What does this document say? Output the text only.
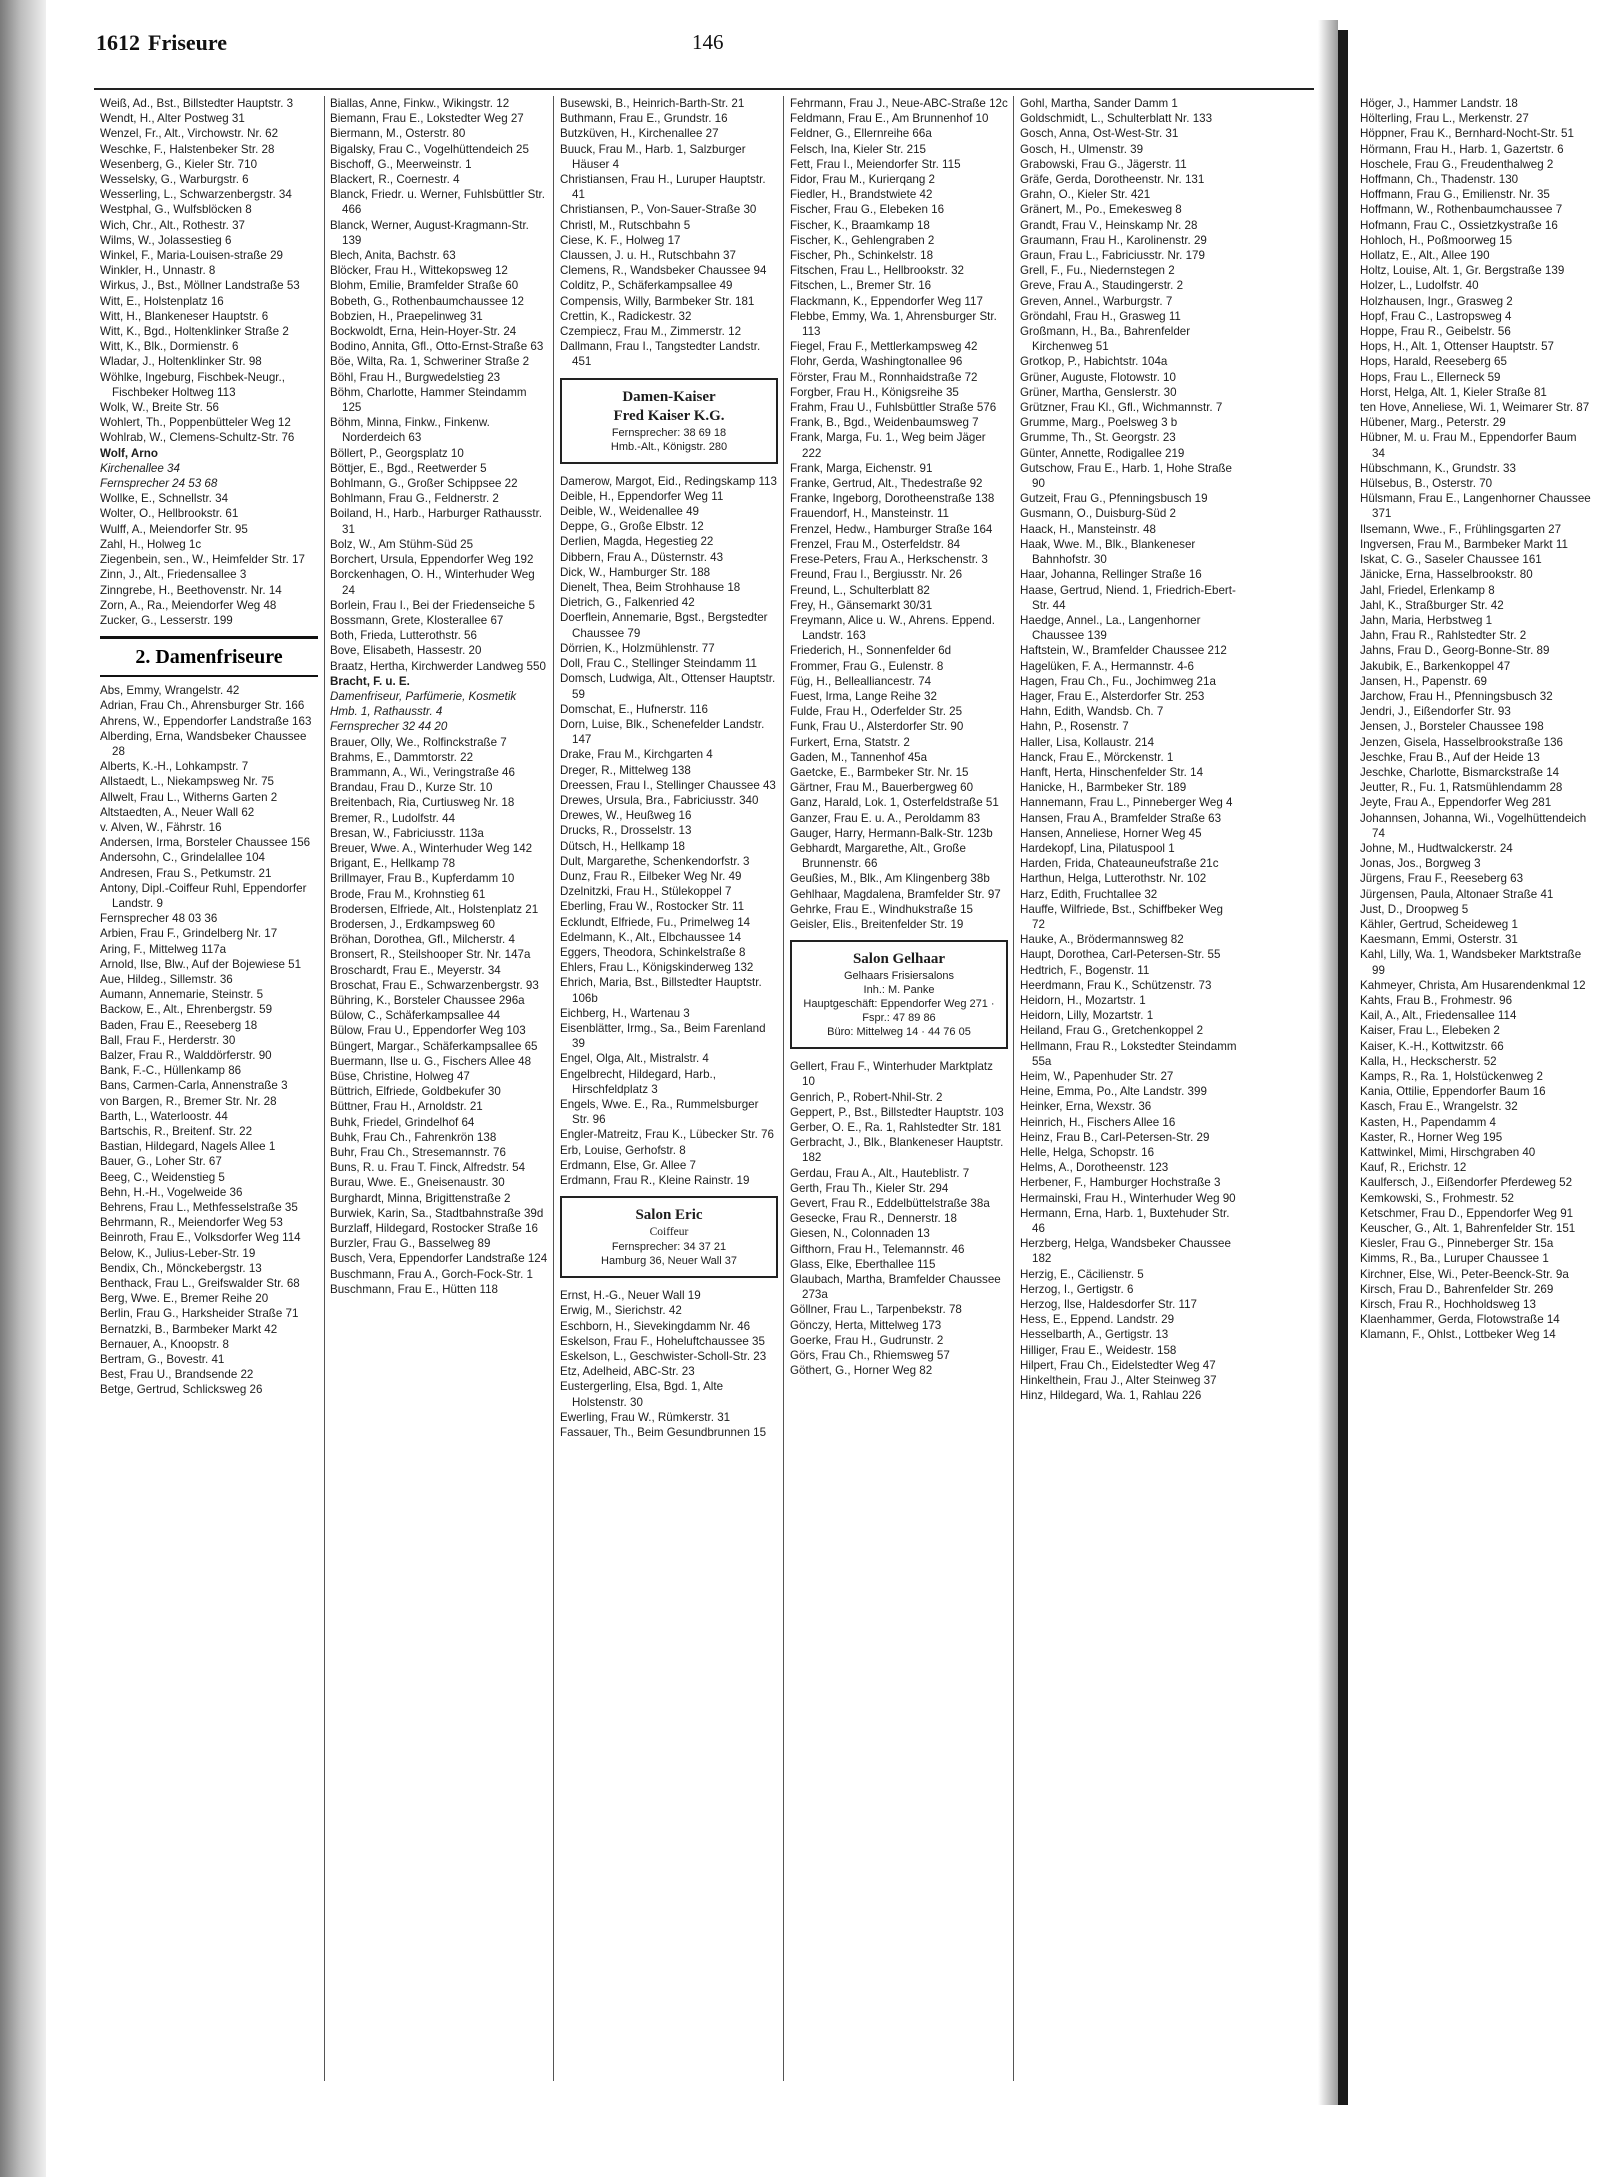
1612 Friseure	146
Weiß, Ad., Bst., Billstedter Hauptstr. 3
Wendt, H., Alter Postweg 31
Wenzel, Fr., Alt., Virchowstr. Nr. 62
Weschke, F., Halstenbeker Str. 28
Wesenberg, G., Kieler Str. 710
Wesselsky, G., Warburgstr. 6
Wesserling, L., Schwarzenbergstr. 34
Westphal, G., Wulfsblöcken 8
Wich, Chr., Alt., Rothestr. 37
Wilms, W., Jolassestieg 6
Winkel, F., Maria-Louisen-straße 29
Winkler, H., Unnastr. 8
Wirkus, J., Bst., Möllner Landstraße 53
Witt, E., Holstenplatz 16
Witt, H., Blankeneser Hauptstr. 6
Witt, K., Bgd., Holtenklinker Straße 2
Witt, K., Blk., Dormienstr. 6
Wladar, J., Holtenklinker Str. 98
Wöhlke, Ingeburg, Fischbek-Neugr., Fischbeker Holtweg 113
Wolk, W., Breite Str. 56
Wohlert, Th., Poppenbütteler Weg 12
Wohlrab, W., Clemens-Schultz-Str. 76
Wolf, Arno
Kirchenallee 34
Fernsprecher 24 53 68
Wollke, E., Schnellstr. 34
Wolter, O., Hellbrookstr. 61
Wulff, A., Meiendorfer Str. 95
Zahl, H., Holweg 1c
Ziegenbein, sen., W., Heimfelder Str. 17
Zinn, J., Alt., Friedensallee 3
Zinngrebe, H., Beethovenstr. Nr. 14
Zorn, A., Ra., Meiendorfer Weg 48
Zucker, G., Lesserstr. 199
2. Damenfriseure
Abs, Emmy, Wrangelstr. 42
Adrian, Frau Ch., Ahrensburger Str. 166
Ahrens, W., Eppendorfer Landstraße 163
Alberding, Erna, Wandsbeker Chaussee 28
Alberts, K.-H., Lohkampstr. 7
Allstaedt, L., Niekampsweg Nr. 75
Allwelt, Frau L., Witherns Garten 2
Altstaedten, A., Neuer Wall 62
v. Alven, W., Fährstr. 16
Andersen, Irma, Borsteler Chaussee 156
Andersohn, C., Grindelallee 104
Andresen, Frau S., Petkumstr. 21
Antony, Dipl.-Coiffeur Ruhl, Eppendorfer Landstr. 9
Fernsprecher 48 03 36
Arbien, Frau F., Grindelberg Nr. 17
Aring, F., Mittelweg 117a
Arnold, Ilse, Blw., Auf der Bojewiese 51
Aue, Hildeg., Sillemstr. 36
Aumann, Annemarie, Steinstr. 5
Backow, E., Alt., Ehrenbergstr. 59
Baden, Frau E., Reeseberg 18
Ball, Frau F., Herderstr. 30
Balzer, Frau R., Walddörferstr. 90
Bank, F.-C., Hüllenkamp 86
Bans, Carmen-Carla, Annenstraße 3
von Bargen, R., Bremer Str. Nr. 28
Barth, L., Waterloostr. 44
Bartschis, R., Breitenf. Str. 22
Bastian, Hildegard, Nagels Allee 1
Bauer, G., Loher Str. 67
Beeg, C., Weidenstieg 5
Behn, H.-H., Vogelweide 36
Behrens, Frau L., Methfesselstraße 35
Behrmann, R., Meiendorfer Weg 53
Beinroth, Frau E., Volksdorfer Weg 114
Below, K., Julius-Leber-Str. 19
Bendix, Ch., Mönckebergstr. 13
Benthack, Frau L., Greifswalder Str. 68
Berg, Wwe. E., Bremer Reihe 20
Berlin, Frau G., Harksheider Straße 71
Bernatzki, B., Barmbeker Markt 42
Bernauer, A., Knoopstr. 8
Bertram, G., Bovestr. 41
Best, Frau U., Brandsende 22
Betge, Gertrud, Schlicksweg 26
Biallas, Anne, Finkw., Wikingstr. 12
Biemann, Frau E., Lokstedter Weg 27
Biermann, M., Osterstr. 80
Bigalsky, Frau C., Vogelhüttendeich 25
Bischoff, G., Meerweinstr. 1
Blackert, R., Coernestr. 4
Blanck, Friedr. u. Werner, Fuhlsbüttler Str. 466
Blanck, Werner, August-Kragmann-Str. 139
Blech, Anita, Bachstr. 63
Blöcker, Frau H., Wittekopsweg 12
Blohm, Emilie, Bramfelder Straße 60
Bobeth, G., Rothenbaumchaussee 12
Bobzien, H., Praepelinweg 31
Bockwoldt, Erna, Hein-Hoyer-Str. 24
Bodino, Annita, Gfl., Otto-Ernst-Straße 63
Böe, Wilta, Ra. 1, Schweriner Straße 2
Böhl, Frau H., Burgwedelstieg 23
Böhm, Charlotte, Hammer Steindamm 125
Böhm, Minna, Finkw., Finkenw. Norderdeich 63
Böllert, P., Georgsplatz 10
Böttjer, E., Bgd., Reetwerder 5
Bohlmann, G., Großer Schippsee 22
Bohlmann, Frau G., Feldnerstr. 2
Boiland, H., Harb., Harburger Rathausstr. 31
Bolz, W., Am Stühm-Süd 25
Borchert, Ursula, Eppendorfer Weg 192
Borckenhagen, O. H., Winterhuder Weg 24
Borlein, Frau I., Bei der Friedenseiche 5
Bossmann, Grete, Klosterallee 67
Both, Frieda, Lutterothstr. 56
Bove, Elisabeth, Hassestr. 20
Braatz, Hertha, Kirchwerder Landweg 550
Bracht, F. u. E.
Damenfriseur, Parfümerie, Kosmetik
Hmb. 1, Rathausstr. 4
Fernsprecher 32 44 20
Brauer, Olly, We., Rolfinckstraße 7
Brahms, E., Dammtorstr. 22
Brammann, A., Wi., Veringstraße 46
Brandau, Frau D., Kurze Str. 10
Breitenbach, Ria, Curtiusweg Nr. 18
Bremer, R., Ludolfstr. 44
Bresan, W., Fabriciusstr. 113a
Breuer, Wwe. A., Winterhuder Weg 142
Brigant, E., Hellkamp 78
Brillmayer, Frau B., Kupferdamm 10
Brode, Frau M., Krohnstieg 61
Brodersen, Elfriede, Alt., Holstenplatz 21
Brodersen, J., Erdkampsweg 60
Bröhan, Dorothea, Gfl., Milcherstr. 4
Bronsert, R., Steilshooper Str. Nr. 147a
Broschardt, Frau E., Meyerstr. 34
Broschat, Frau E., Schwarzenbergstr. 93
Bühring, K., Borsteler Chaussee 296a
Bülow, C., Schäferkampsallee 44
Bülow, Frau U., Eppendorfer Weg 103
Büngert, Margar., Schäferkampsallee 65
Buermann, Ilse u. G., Fischers Allee 48
Büse, Christine, Holweg 47
Büttrich, Elfriede, Goldbekufer 30
Büttner, Frau H., Arnoldstr. 21
Buhk, Friedel, Grindelhof 64
Buhk, Frau Ch., Fahrenkrön 138
Buhr, Frau Ch., Stresemannstr. 76
Buns, R. u. Frau T. Finck, Alfredstr. 54
Burau, Wwe. E., Gneisenaustr. 30
Burghardt, Minna, Brigittenstraße 2
Burwiek, Karin, Sa., Stadtbahnstraße 39d
Burzlaff, Hildegard, Rostocker Straße 16
Burzler, Frau G., Basselweg 89
Busch, Vera, Eppendorfer Landstraße 124
Buschmann, Frau A., Gorch-Fock-Str. 1
Buschmann, Frau E., Hütten 118
Busewski, B., Heinrich-Barth-Str. 21
Buthmann, Frau E., Grundstr. 16
Butzküven, H., Kirchenallee 27
Buuck, Frau M., Harb. 1, Salzburger Häuser 4
Christiansen, Frau H., Luruper Hauptstr. 41
Christiansen, P., Von-Sauer-Straße 30
Christl, M., Rutschbahn 5
Ciese, K. F., Holweg 17
Claussen, J. u. H., Rutschbahn 37
Clemens, R., Wandsbeker Chaussee 94
Colditz, P., Schäferkampsallee 49
Compensis, Willy, Barmbeker Str. 181
Crettin, K., Radickestr. 32
Czempiecz, Frau M., Zimmerstr. 12
Dallmann, Frau I., Tangstedter Landstr. 451
Damen-Kaiser
Fred Kaiser K.G.
Fernsprecher: 38 69 18
Hmb.-Alt., Königstr. 280
Damerow, Margot, Eid., Redingskamp 113
Deible, H., Eppendorfer Weg 11
Deible, W., Weidenallee 49
Deppe, G., Große Elbstr. 12
Derlien, Magda, Hegestieg 22
Dibbern, Frau A., Düsternstr. 43
Dick, W., Hamburger Str. 188
Dienelt, Thea, Beim Strohhause 18
Dietrich, G., Falkenried 42
Doerflein, Annemarie, Bgst., Bergstedter Chaussee 79
Dörrien, K., Holzmühlenstr. 77
Doll, Frau C., Stellinger Steindamm 11
Domsch, Ludwiga, Alt., Ottenser Hauptstr. 59
Domschat, E., Hufnerstr. 116
Dorn, Luise, Blk., Schenefelder Landstr. 147
Drake, Frau M., Kirchgarten 4
Dreger, R., Mittelweg 138
Dreessen, Frau I., Stellinger Chaussee 43
Drewes, Ursula, Bra., Fabriciusstr. 340
Drewes, W., Heußweg 16
Drucks, R., Drosselstr. 13
Dütsch, H., Hellkamp 18
Dult, Margarethe, Schenkendorfstr. 3
Dunz, Frau R., Eilbeker Weg Nr. 49
Dzelnitzki, Frau H., Stülekoppel 7
Eberling, Frau W., Rostocker Str. 11
Ecklundt, Elfriede, Fu., Primelweg 14
Edelmann, K., Alt., Elbchaussee 14
Eggers, Theodora, Schinkelstraße 8
Ehlers, Frau L., Königskinderweg 132
Ehrich, Maria, Bst., Billstedter Hauptstr. 106b
Eichberg, H., Wartenau 3
Eisenblätter, Irmg., Sa., Beim Farenland 39
Engel, Olga, Alt., Mistralstr. 4
Engelbrecht, Hildegard, Harb., Hirschfeldplatz 3
Engels, Wwe. E., Ra., Rummelsburger Str. 96
Engler-Matreitz, Frau K., Lübecker Str. 76
Erb, Louise, Gerhofstr. 8
Erdmann, Else, Gr. Allee 7
Erdmann, Frau R., Kleine Rainstr. 19
Salon Eric
Coiffeur
Fernsprecher: 34 37 21
Hamburg 36, Neuer Wall 37
Ernst, H.-G., Neuer Wall 19
Erwig, M., Sierichstr. 42
Eschborn, H., Sievekingdamm Nr. 46
Eskelson, Frau F., Hoheluftchaussee 35
Eskelson, L., Geschwister-Scholl-Str. 23
Etz, Adelheid, ABC-Str. 23
Eustergerling, Elsa, Bgd. 1, Alte Holstenstr. 30
Ewerling, Frau W., Rümkerstr. 31
Fassauer, Th., Beim Gesundbrunnen 15
Fehrmann, Frau J., Neue-ABC-Straße 12c
Feldmann, Frau E., Am Brunnenhof 10
Feldner, G., Ellernreihe 66a
Felsch, Ina, Kieler Str. 215
Fett, Frau I., Meiendorfer Str. 115
Fidor, Frau M., Kurierqang 2
Fiedler, H., Brandstwiete 42
Fischer, Frau G., Elebeken 16
Fischer, K., Braamkamp 18
Fischer, K., Gehlengraben 2
Fischer, Ph., Schinkelstr. 18
Fitschen, Frau L., Hellbrookstr. 32
Fitschen, L., Bremer Str. 16
Flackmann, K., Eppendorfer Weg 117
Flebbe, Emmy, Wa. 1, Ahrensburger Str. 113
Fiegel, Frau F., Mettlerkampsweg 42
Flohr, Gerda, Washingtonallee 96
Förster, Frau M., Ronnhaidstraße 72
Forgber, Frau H., Königsreihe 35
Frahm, Frau U., Fuhlsbüttler Straße 576
Frank, B., Bgd., Weidenbaumsweg 7
Frank, Marga, Fu. 1., Weg beim Jäger 222
Frank, Marga, Eichenstr. 91
Franke, Gertrud, Alt., Thedestraße 92
Franke, Ingeborg, Dorotheenstraße 138
Frauendorf, H., Mansteinstr. 11
Frenzel, Hedw., Hamburger Straße 164
Frenzel, Frau M., Osterfeldstr. 84
Frese-Peters, Frau A., Herkschenstr. 3
Freund, Frau I., Bergiusstr. Nr. 26
Freund, L., Schulterblatt 82
Frey, H., Gänsemarkt 30/31
Freymann, Alice u. W., Ahrens. Eppend. Landstr. 163
Friederich, H., Sonnenfelder 6d
Frommer, Frau G., Eulenstr. 8
Füg, H., Bellealliancestr. 74
Fuest, Irma, Lange Reihe 32
Fulde, Frau H., Oderfelder Str. 25
Funk, Frau U., Alsterdorfer Str. 90
Furkert, Erna, Statstr. 2
Gaden, M., Tannenhof 45a
Gaetcke, E., Barmbeker Str. Nr. 15
Gärtner, Frau M., Bauerbergweg 60
Ganz, Harald, Lok. 1, Osterfeldstraße 51
Ganzer, Frau E. u. A., Peroldamm 83
Gauger, Harry, Hermann-Balk-Str. 123b
Gebhardt, Margarethe, Alt., Große Brunnenstr. 66
Geußies, M., Blk., Am Klingenberg 38b
Gehlhaar, Magdalena, Bramfelder Str. 97
Gehrke, Frau E., Windhukstraße 15
Geisler, Elis., Breitenfelder Str. 19
Salon Gelhaar
Gelhaars Frisiersalons
Inh.: M. Panke
Hauptgeschäft: Eppendorfer Weg 271 · Fspr.: 47 89 86
Büro: Mittelweg 14 · 44 76 05
Gellert, Frau F., Winterhuder Marktplatz 10
Genrich, P., Robert-Nhil-Str. 2
Geppert, P., Bst., Billstedter Hauptstr. 103
Gerber, O. E., Ra. 1, Rahlstedter Str. 181
Gerbracht, J., Blk., Blankeneser Hauptstr. 182
Gerdau, Frau A., Alt., Hauteblistr. 7
Gerth, Frau Th., Kieler Str. 294
Gevert, Frau R., Eddelbüttelstraße 38a
Gesecke, Frau R., Dennerstr. 18
Giesen, N., Colonnaden 13
Gifthorn, Frau H., Telemannstr. 46
Glass, Elke, Eberthallee 115
Glaubach, Martha, Bramfelder Chaussee 273a
Göllner, Frau L., Tarpenbekstr. 78
Gönczy, Herta, Mittelweg 173
Goerke, Frau H., Gudrunstr. 2
Görs, Frau Ch., Rhiemsweg 57
Göthert, G., Horner Weg 82
Gohl, Martha, Sander Damm 1
Goldschmidt, L., Schulterblatt Nr. 133
Gosch, Anna, Ost-West-Str. 31
Gosch, H., Ulmenstr. 39
Grabowski, Frau G., Jägerstr. 11
Gräfe, Gerda, Dorotheenstr. Nr. 131
Grahn, O., Kieler Str. 421
Gränert, M., Po., Emekesweg 8
Grandt, Frau V., Heinskamp Nr. 28
Graumann, Frau H., Karolinenstr. 29
Graun, Frau L., Fabriciusstr. Nr. 179
Grell, F., Fu., Niedernstegen 2
Greve, Frau A., Staudingerstr. 2
Greven, Annel., Warburgstr. 7
Gröndahl, Frau H., Grasweg 11
Großmann, H., Ba., Bahrenfelder Kirchenweg 51
Grotkop, P., Habichtstr. 104a
Grüner, Auguste, Flotowstr. 10
Grüner, Martha, Genslerstr. 30
Grützner, Frau Kl., Gfl., Wichmannstr. 7
Grumme, Marg., Poelsweg 3 b
Grumme, Th., St. Georgstr. 23
Günter, Annette, Rodigallee 219
Gutschow, Frau E., Harb. 1, Hohe Straße 90
Gutzeit, Frau G., Pfenningsbusch 19
Gusmann, O., Duisburg-Süd 2
Haack, H., Mansteinstr. 48
Haak, Wwe. M., Blk., Blankeneser Bahnhofstr. 30
Haar, Johanna, Rellinger Straße 16
Haase, Gertrud, Niend. 1, Friedrich-Ebert-Str. 44
Haedge, Annel., La., Langenhorner Chaussee 139
Haftstein, W., Bramfelder Chaussee 212
Hagelüken, F. A., Hermannstr. 4-6
Hagen, Frau Ch., Fu., Jochimweg 21a
Hager, Frau E., Alsterdorfer Str. 253
Hahn, Edith, Wandsb. Ch. 7
Hahn, P., Rosenstr. 7
Haller, Lisa, Kollaustr. 214
Hanck, Frau E., Mörckenstr. 1
Hanft, Herta, Hinschenfelder Str. 14
Hanicke, H., Barmbeker Str. 189
Hannemann, Frau L., Pinneberger Weg 4
Hansen, Frau A., Bramfelder Straße 63
Hansen, Anneliese, Horner Weg 45
Hardekopf, Lina, Pilatuspool 1
Harden, Frida, Chateauneufstraße 21c
Harthun, Helga, Lutterothstr. Nr. 102
Harz, Edith, Fruchtallee 32
Hauffe, Wilfriede, Bst., Schiffbeker Weg 72
Hauke, A., Brödermannsweg 82
Haupt, Dorothea, Carl-Petersen-Str. 55
Hedtrich, F., Bogenstr. 11
Heerdmann, Frau K., Schützenstr. 73
Heidorn, H., Mozartstr. 1
Heidorn, Lilly, Mozartstr. 1
Heiland, Frau G., Gretchenkoppel 2
Hellmann, Frau R., Lokstedter Steindamm 55a
Heim, W., Papenhuder Str. 27
Heine, Emma, Po., Alte Landstr. 399
Heinker, Erna, Wexstr. 36
Heinrich, H., Fischers Allee 16
Heinz, Frau B., Carl-Petersen-Str. 29
Helle, Helga, Schopstr. 16
Helms, A., Dorotheenstr. 123
Herbener, F., Hamburger Hochstraße 3
Hermainski, Frau H., Winterhuder Weg 90
Hermann, Erna, Harb. 1, Buxtehuder Str. 46
Herzberg, Helga, Wandsbeker Chaussee 182
Herzig, E., Cäcilienstr. 5
Herzog, I., Gertigstr. 6
Herzog, Ilse, Haldesdorfer Str. 117
Hess, E., Eppend. Landstr. 29
Hesselbarth, A., Gertigstr. 13
Hilliger, Frau E., Weidestr. 158
Hilpert, Frau Ch., Eidelstedter Weg 47
Hinkelthein, Frau J., Alter Steinweg 37
Hinz, Hildegard, Wa. 1, Rahlau 226
Höger, J., Hammer Landstr. 18
Hölterling, Frau L., Merkenstr. 27
Höppner, Frau K., Bernhard-Nocht-Str. 51
Hörmann, Frau H., Harb. 1, Gazertstr. 6
Hoschele, Frau G., Freudenthalweg 2
Hoffmann, Ch., Thadenstr. 130
Hoffmann, Frau G., Emilienstr. Nr. 35
Hoffmann, W., Rothenbaumchaussee 7
Hofmann, Frau C., Ossietzkystraße 16
Hohloch, H., Poßmoorweg 15
Hollatz, E., Alt., Allee 190
Holtz, Louise, Alt. 1, Gr. Bergstraße 139
Holzer, L., Ludolfstr. 40
Holzhausen, Ingr., Grasweg 2
Hopf, Frau C., Lastropsweg 4
Hoppe, Frau R., Geibelstr. 56
Hops, H., Alt. 1, Ottenser Hauptstr. 57
Hops, Harald, Reeseberg 65
Hops, Frau L., Ellerneck 59
Horst, Helga, Alt. 1, Kieler Straße 81
ten Hove, Anneliese, Wi. 1, Weimarer Str. 87
Hübener, Marg., Peterstr. 29
Hübner, M. u. Frau M., Eppendorfer Baum 34
Hübschmann, K., Grundstr. 33
Hülsebus, B., Osterstr. 70
Hülsmann, Frau E., Langenhorner Chaussee 371
Ilsemann, Wwe., F., Frühlingsgarten 27
Ingversen, Frau M., Barmbeker Markt 11
Iskat, C. G., Saseler Chaussee 161
Jänicke, Erna, Hasselbrookstr. 80
Jahl, Friedel, Erlenkamp 8
Jahl, K., Straßburger Str. 42
Jahn, Maria, Herbstweg 1
Jahn, Frau R., Rahlstedter Str. 2
Jahns, Frau D., Georg-Bonne-Str. 89
Jakubik, E., Barkenkoppel 47
Jansen, H., Papenstr. 69
Jarchow, Frau H., Pfenningsbusch 32
Jendri, J., Eißendorfer Str. 93
Jensen, J., Borsteler Chaussee 198
Jenzen, Gisela, Hasselbrookstraße 136
Jeschke, Frau B., Auf der Heide 13
Jeschke, Charlotte, Bismarckstraße 14
Jeutter, R., Fu. 1, Ratsmühlendamm 28
Jeyte, Frau A., Eppendorfer Weg 281
Johannsen, Johanna, Wi., Vogelhüttendeich 74
Johne, M., Hudtwalckerstr. 24
Jonas, Jos., Borgweg 3
Jürgens, Frau F., Reeseberg 63
Jürgensen, Paula, Altonaer Straße 41
Just, D., Droopweg 5
Kähler, Gertrud, Scheideweg 1
Kaesmann, Emmi, Osterstr. 31
Kahl, Lilly, Wa. 1, Wandsbeker Marktstraße 99
Kahmeyer, Christa, Am Husarendenkmal 12
Kahts, Frau B., Frohmestr. 96
Kail, A., Alt., Friedensallee 114
Kaiser, Frau L., Elebeken 2
Kaiser, K.-H., Kottwitzstr. 66
Kalla, H., Heckscherstr. 52
Kamps, R., Ra. 1, Holstückenweg 2
Kania, Ottilie, Eppendorfer Baum 16
Kasch, Frau E., Wrangelstr. 32
Kasten, H., Papendamm 4
Kaster, R., Horner Weg 195
Kattwinkel, Mimi, Hirschgraben 40
Kauf, R., Erichstr. 12
Kaulfersch, J., Eißendorfer Pferdeweg 52
Kemkowski, S., Frohmestr. 52
Ketschmer, Frau D., Eppendorfer Weg 91
Keuscher, G., Alt. 1, Bahrenfelder Str. 151
Kiesler, Frau G., Pinneberger Str. 15a
Kimms, R., Ba., Luruper Chaussee 1
Kirchner, Else, Wi., Peter-Beenck-Str. 9a
Kirsch, Frau D., Bahrenfelder Str. 269
Kirsch, Frau R., Hochholdsweg 13
Klaenhammer, Gerda, Flotowstraße 14
Klamann, F., Ohlst., Lottbeker Weg 14
